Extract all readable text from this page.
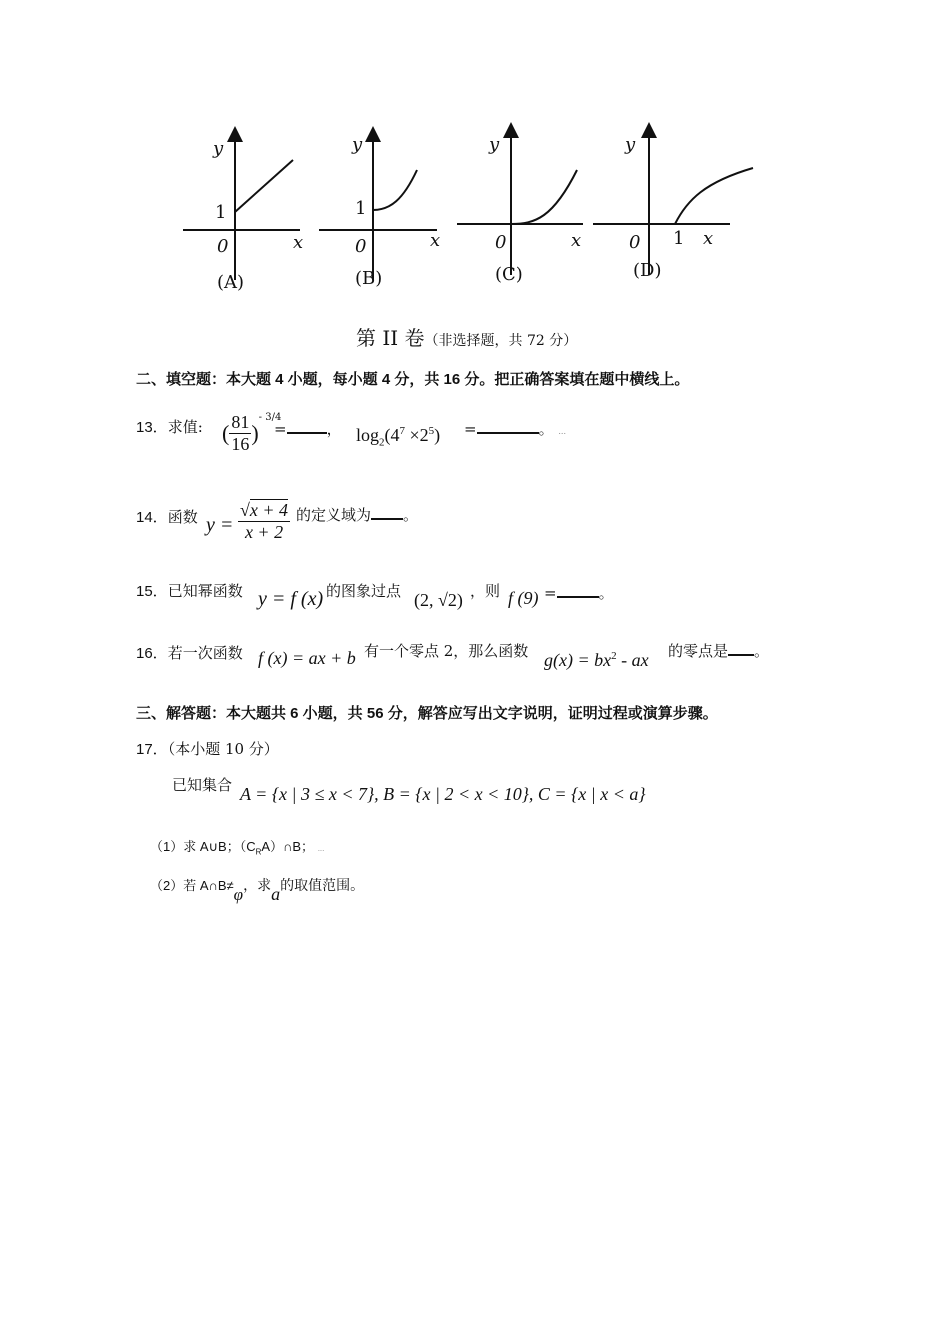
y
1
0	x
(A)
y
1
0	x
(B)
y
0	x
(C)
y
0 1 x
(D)
第 II 卷（非选择题，共 72 分）
二、填空题：本大题 4 小题，每小题 4 分，共 16 分。把正确答案填在题中横线上。
13．求值: ( $\frac{81}{16} )^{- 3/4}$
=	， $\log_2(4^7 \times 2^5)$ =	。 ...
14．函数 $y = \frac{√x + 4}{x + 2}$ 的定义域为 。
15．已知幂函数 y = f (x) 的图象过点 (2, √2) ，则 f (9) =	。
16．若一次函数 f (x) = ax + b 有一个零点 2，那么函数 $g(x) = bx^2$ - ax 的零点是 。
三、解答题：本大题共 6 小题，共 56 分，解答应写出文字说明，证明过程或演算步骤。
17．（本小题 10 分）
已知集合 A = {x | 3 ≤ x < 7}, B = {x | 2 < x < 10}, C = {x | x < a}
（1）求 A∪B；$(C_RA)\cap B$； ...
（2）若 A∩B≠φ，求a的取值范围。
